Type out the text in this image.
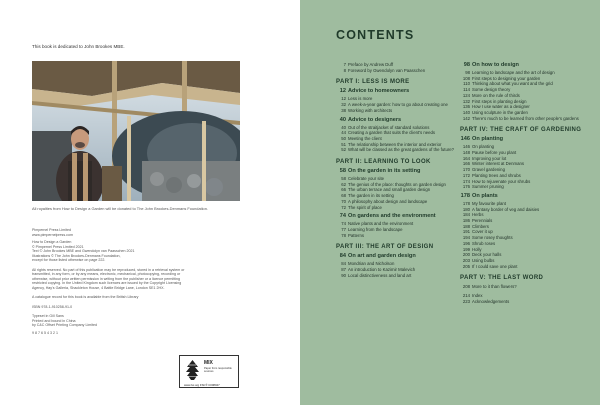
This book is dedicated to John Brookes MBE.
All royalties from How to Design a Garden will be donated to The John Brookes-Denmans Foundation.

Pimpernel Press Limited
www.pimpernelpress.com

How to Design a Garden
© Pimpernel Press Limited 2021
Text © John Brookes MBE and Gwendolyn van Paasschen 2021
Illustrations © The John Brookes-Denmans Foundation,
except for those listed otherwise on page 222.

All rights reserved. No part of this publication may be reproduced, stored in a retrieval system or transmitted, in any form, or by any means, electronic, mechanical, photocopying, recording or otherwise, without prior written permission in writing from the publisher or a licence permitting restricted copying. In the United Kingdom such licences are issued by the Copyright Licensing Agency, Hay's Galleria, Shackleton House, 4 Battle Bridge Lane, London SE1 2HX.

A catalogue record for this book is available from the British Library

ISBN 978-1-910258-91-0

Typeset in Gill Sans
Printed and bound in China
by C&C Offset Printing Company Limited

9 8 7 6 5 4 3 2 1

MIX
Paper from responsible sources
www.fsc.org FSC® C008047
CONTENTS
7 Preface by Andrew Duff
8 Foreword by Gwendolyn van Paasschen
PART I: LESS IS MORE
12 Advice to homeowners
12 Less is more
32 A week-a-year garden: how to go about creating one
38 Working with architects
40 Advice to designers
40 Out of the straitjacket of standard solutions
44 Creating a garden that suits the client's needs
50 Meeting the client
51 The relationship between the interior and exterior
52 What will be classed as the great gardens of the future?
PART II: LEARNING TO LOOK
58 On the garden in its setting
58 Celebrate your site
62 The genius of the place: thoughts on garden design
66 The urban terrace and small garden design
68 The garden in its setting
70 A philosophy about design and landscape
72 The spirit of place
74 On gardens and the environment
74 Native plants and the environment
77 Learning from the landscape
78 Patterns
PART III: THE ART OF DESIGN
84 On art and garden design
84 Mondrian and Nicholson
87 An introduction to Kazimir Malevich
90 Local distinctiveness and land art
98 On how to design
98 Learning to landscape and the art of design
108 First steps to designing your garden
110 Thinking about what you want and the grid
114 Some design theory
124 More on the rule of thirds
132 First steps in planting design
136 How I use water as a designer
140 Using sculpture in the garden
142 There's much to be learned from other people's gardens
PART IV: THE CRAFT OF GARDENING
146 On planting
146 On planting
148 Pause before you plant
164 Improving your lot
166 Winter interest at Denmans
170 Gravel gardening
172 Planting trees and shrubs
174 How to rejuvenate your shrubs
176 Summer pruning
178 On plants
178 My favourite plant
180 A fantasy border of veg and daisies
184 Herbs
186 Perennials
188 Climbers
191 Cover it up
194 Some rosey thoughts
196 Shrub roses
199 Holly
200 Deck your halls
203 Using bulbs
205 If I could save one plant
PART V: THE LAST WORD
208 More to it than flowers?
214 Index
223 Acknowledgements
